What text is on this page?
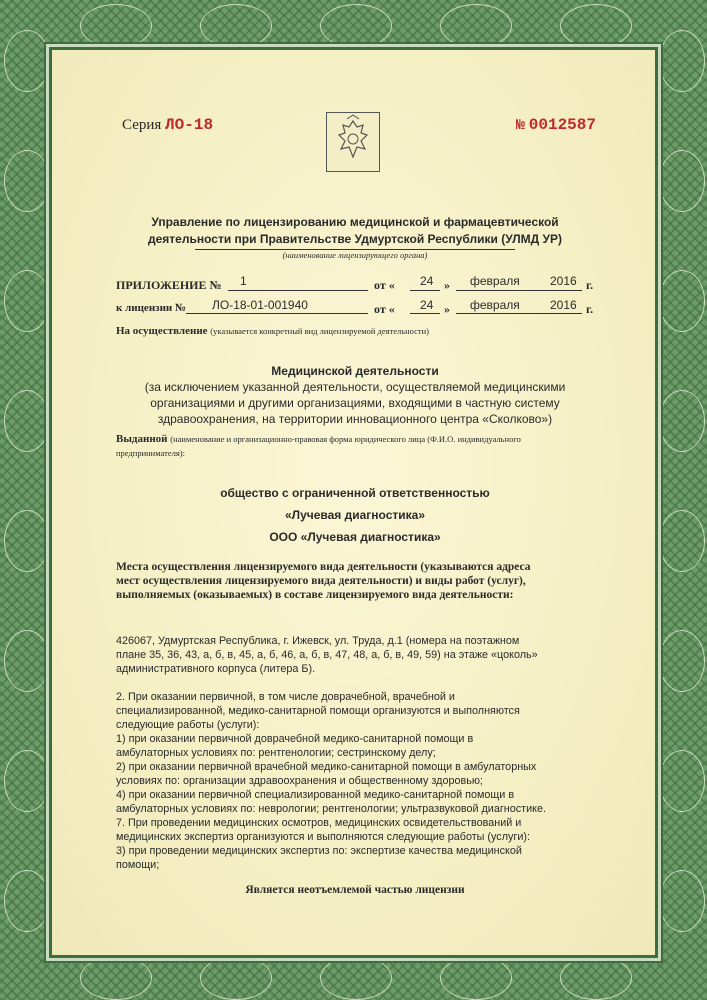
Серия ЛО-18	№ 0012587
Управление по лицензированию медицинской и фармацевтической
деятельности при Правительстве Удмуртской Республики (УЛМД УР)
(наименование лицензирующего органа)
ПРИЛОЖЕНИЕ № 1	от « 24 » февраля	2016 г.
к лицензии № ЛО-18-01-001940	от « 24 » февраля	2016 г.
На осуществление (указывается конкретный вид лицензируемой деятельности)
Медицинской деятельности
(за исключением указанной деятельности, осуществляемой медицинскими
организациями и другими организациями, входящими в частную систему
здравоохранения, на территории инновационного центра «Сколково»)
Выданной (наименование и организационно-правовая форма юридического лица (Ф.И.О. индивидуального
предпринимателя):
общество с ограниченной ответственностью
«Лучевая диагностика»
ООО «Лучевая диагностика»
Места осуществления лицензируемого вида деятельности (указываются адреса
мест осуществления лицензируемого вида деятельности) и виды работ (услуг),
выполняемых (оказываемых) в составе лицензируемого вида деятельности:
426067, Удмуртская Республика, г. Ижевск, ул. Труда, д.1 (номера на поэтажном
плане 35, 36, 43, а, б, в, 45, а, б, 46, а, б, в, 47, 48, а, б, в, 49, 59) на этаже «цоколь»
административного корпуса (литера Б).
2. При оказании первичной, в том числе доврачебной, врачебной и
специализированной, медико-санитарной помощи организуются и выполняются
следующие работы (услуги):
1) при оказании первичной доврачебной медико-санитарной помощи в
амбулаторных условиях по: рентгенологии; сестринскому делу;
2) при оказании первичной врачебной медико-санитарной помощи в амбулаторных
условиях по: организации здравоохранения и общественному здоровью;
4) при оказании первичной специализированной медико-санитарной помощи в
амбулаторных условиях по: неврологии; рентгенологии; ультразвуковой диагностике.
7. При проведении медицинских осмотров, медицинских освидетельствований и
медицинских экспертиз организуются и выполняются следующие работы (услуги):
3) при проведении медицинских экспертиз по: экспертизе качества медицинской
помощи;
Является неотъемлемой частью лицензии
